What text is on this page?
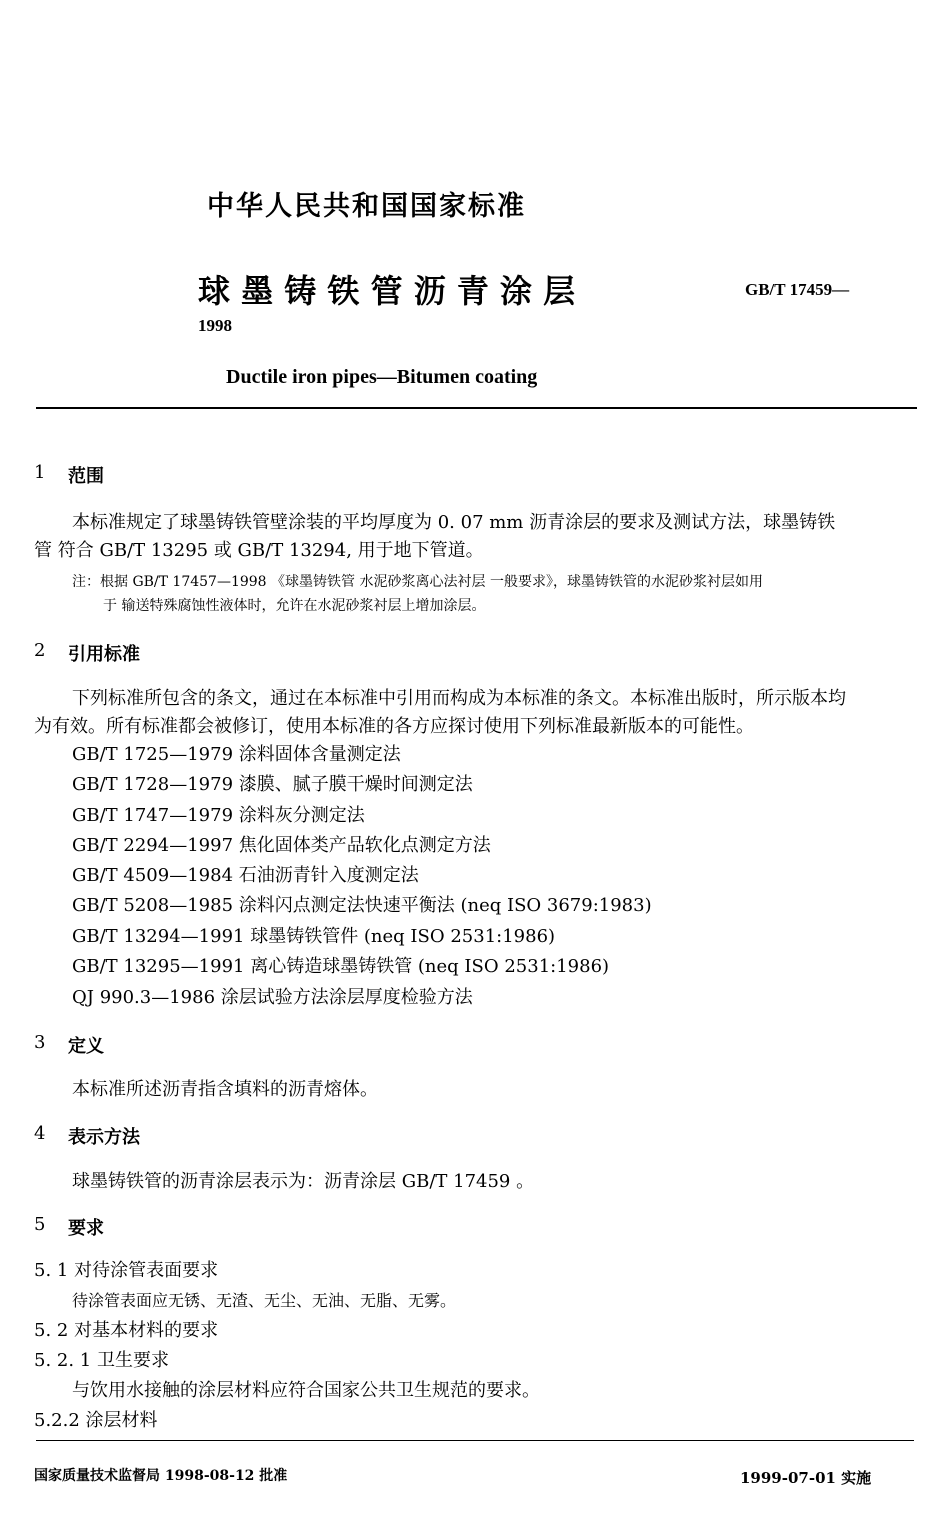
中华人民共和国国家标准
球 墨 铸 铁 管 沥 青 涂 层	GB/T 17459—
1998
Ductile iron pipes—Bitumen coating
1 范围
本标准规定了球墨铸铁管壁涂装的平均厚度为 0. 07 mm 沥青涂层的要求及测试方法，球墨铸铁
管 符合 GB/T 13295 或 GB/T 13294, 用于地下管道。
注：根据 GB/T 17457—1998 《球墨铸铁管 水泥砂浆离心法衬层 一般要求》，球墨铸铁管的水泥砂浆衬层如用
于 输送特殊腐蚀性液体时，允许在水泥砂浆衬层上增加涂层。
2 引用标准
下列标准所包含的条文，通过在本标准中引用而构成为本标准的条文。本标准出版时，所示版本均
为有效。所有标准都会被修订，使用本标准的各方应探讨使用下列标准最新版本的可能性。
GB/T 1725—1979 涂料固体含量测定法
GB/T 1728—1979 漆膜、腻子膜干燥时间测定法
GB/T 1747—1979 涂料灰分测定法
GB/T 2294—1997 焦化固体类产品软化点测定方法
GB/T 4509—1984 石油沥青针入度测定法
GB/T 5208—1985 涂料闪点测定法快速平衡法 (neq ISO 3679:1983)
GB/T 13294—1991 球墨铸铁管件 (neq ISO 2531:1986)
GB/T 13295—1991 离心铸造球墨铸铁管 (neq ISO 2531:1986)
QJ 990.3—1986 涂层试验方法涂层厚度检验方法
3 定义
本标准所述沥青指含填料的沥青熔体。
4 表示方法
球墨铸铁管的沥青涂层表示为：沥青涂层 GB/T 17459 。
5 要求
5. 1 对待涂管表面要求
待涂管表面应无锈、无渣、无尘、无油、无脂、无雾。
5. 2 对基本材料的要求
5. 2. 1 卫生要求
与饮用水接触的涂层材料应符合国家公共卫生规范的要求。
5.2.2 涂层材料
国家质量技术监督局 1998-08-12 批准	1999-07-01 实施
